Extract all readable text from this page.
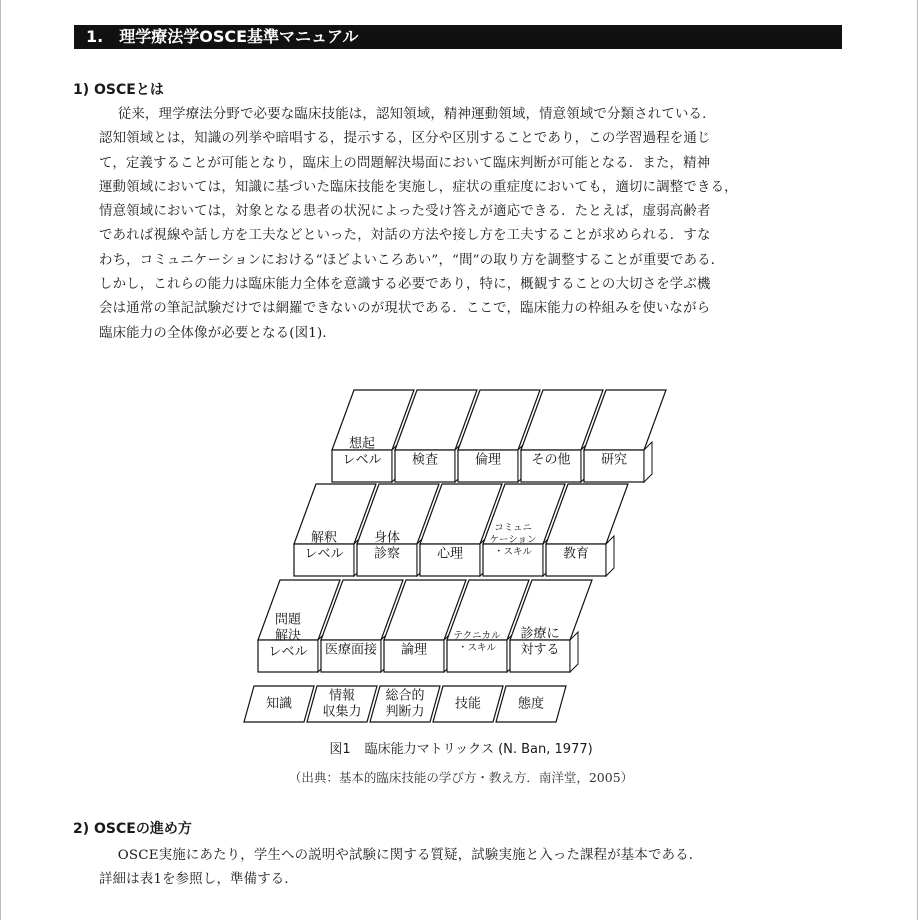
1.　理学療法学OSCE基準マニュアル
1) OSCEとは
従来，理学療法分野で必要な臨床技能は，認知領域，精神運動領域，情意領域で分類されている．
認知領域とは，知識の列挙や暗唱する，提示する，区分や区別することであり，この学習過程を通じ
て，定義することが可能となり，臨床上の問題解決場面において臨床判断が可能となる．また，精神
運動領域においては，知識に基づいた臨床技能を実施し，症状の重症度においても，適切に調整できる，
情意領域においては，対象となる患者の状況によった受け答えが適応できる．たとえば，虚弱高齢者
であれば視線や話し方を工夫などといった，対話の方法や接し方を工夫することが求められる．すな
わち，コミュニケーションにおける“ほどよいころあい”，“間”の取り方を調整することが重要である．
しかし，これらの能力は臨床能力全体を意識する必要であり，特に，概観することの大切さを学ぶ機
会は通常の筆記試験だけでは網羅できないのが現状である．ここで，臨床能力の枠組みを使いながら
臨床能力の全体像が必要となる(図1)．
想起
レベル 検査	倫理 その他 研究
解釈
レベル
身体
診察	心理
コミュニ
ケーション
・スキル 教育
問題
解決
レベル 医療面接 論理
テクニカル
・スキル
診療に
対する
知識
情報
収集力
総合的
判断力
技能	態度
図1 臨床能力マトリックス (N. Ban, 1977)
（出典：基本的臨床技能の学び方・教え方．南洋堂，2005）
2) OSCEの進め方
OSCE実施にあたり，学生への説明や試験に関する質疑，試験実施と入った課程が基本である．
詳細は表1を参照し，準備する．
